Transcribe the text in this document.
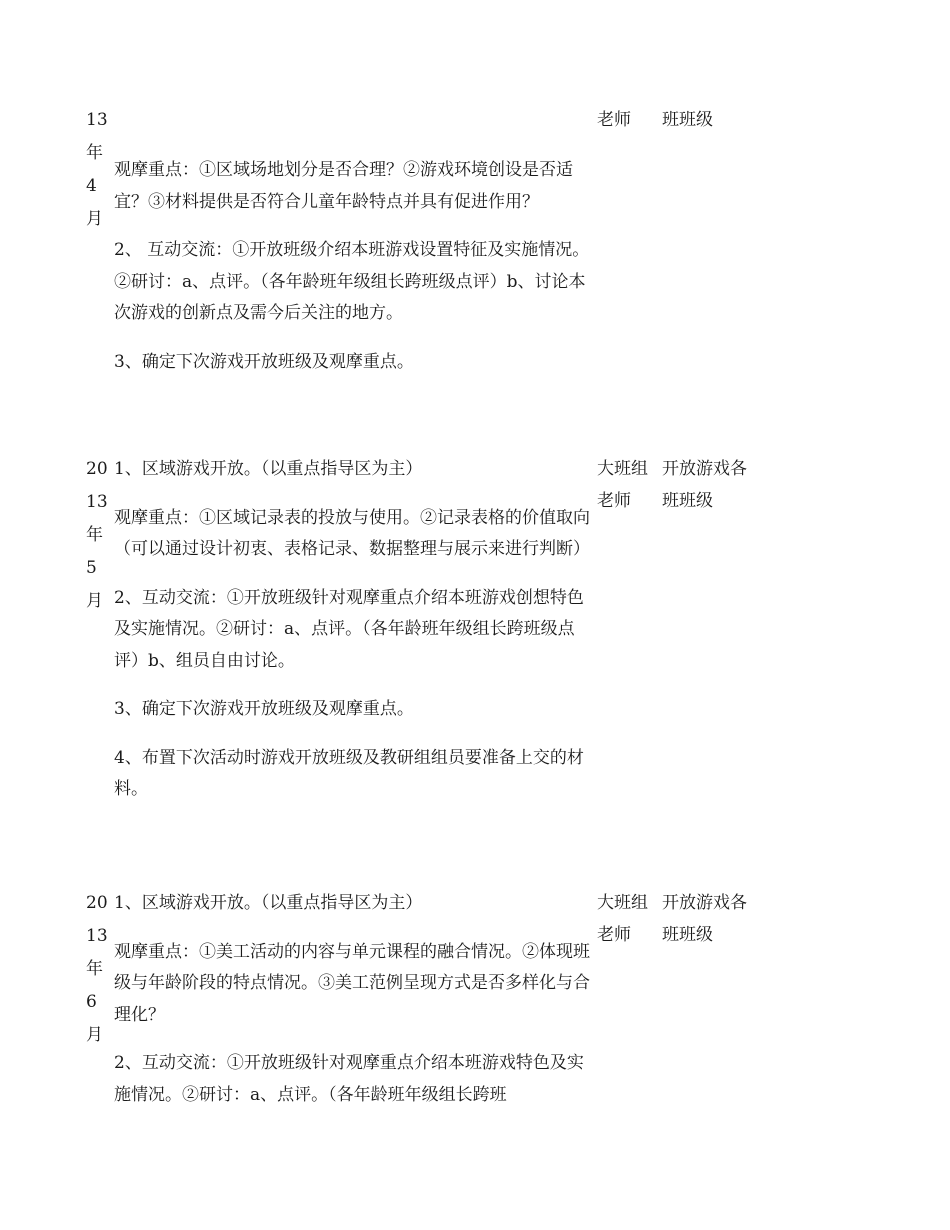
13
年
4
月

观摩重点：①区域场地划分是否合理？②游戏环境创设是否适宜？③材料提供是否符合儿童年龄特点并具有促进作用？

2、 互动交流：①开放班级介绍本班游戏设置特征及实施情况。②研讨：a、点评。（各年龄班年级组长跨班级点评）b、讨论本次游戏的创新点及需今后关注的地方。

3、确定下次游戏开放班级及观摩重点。

老师	班班级
20
13
年
5
月

1、区域游戏开放。（以重点指导区为主）

观摩重点：①区域记录表的投放与使用。②记录表格的价值取向（可以通过设计初衷、表格记录、数据整理与展示来进行判断）

2、互动交流：①开放班级针对观摩重点介绍本班游戏创想特色及实施情况。②研讨：a、点评。（各年龄班年级组长跨班级点评）b、组员自由讨论。

3、确定下次游戏开放班级及观摩重点。

4、布置下次活动时游戏开放班级及教研组组员要准备上交的材料。

大班组
老师
开放游戏各
班班级
20
13
年
6
月

1、区域游戏开放。（以重点指导区为主）

观摩重点：①美工活动的内容与单元课程的融合情况。②体现班级与年龄阶段的特点情况。③美工范例呈现方式是否多样化与合理化？

2、互动交流：①开放班级针对观摩重点介绍本班游戏特色及实施情况。②研讨：a、点评。（各年龄班年级组长跨班

大班组
老师
开放游戏各
班班级
